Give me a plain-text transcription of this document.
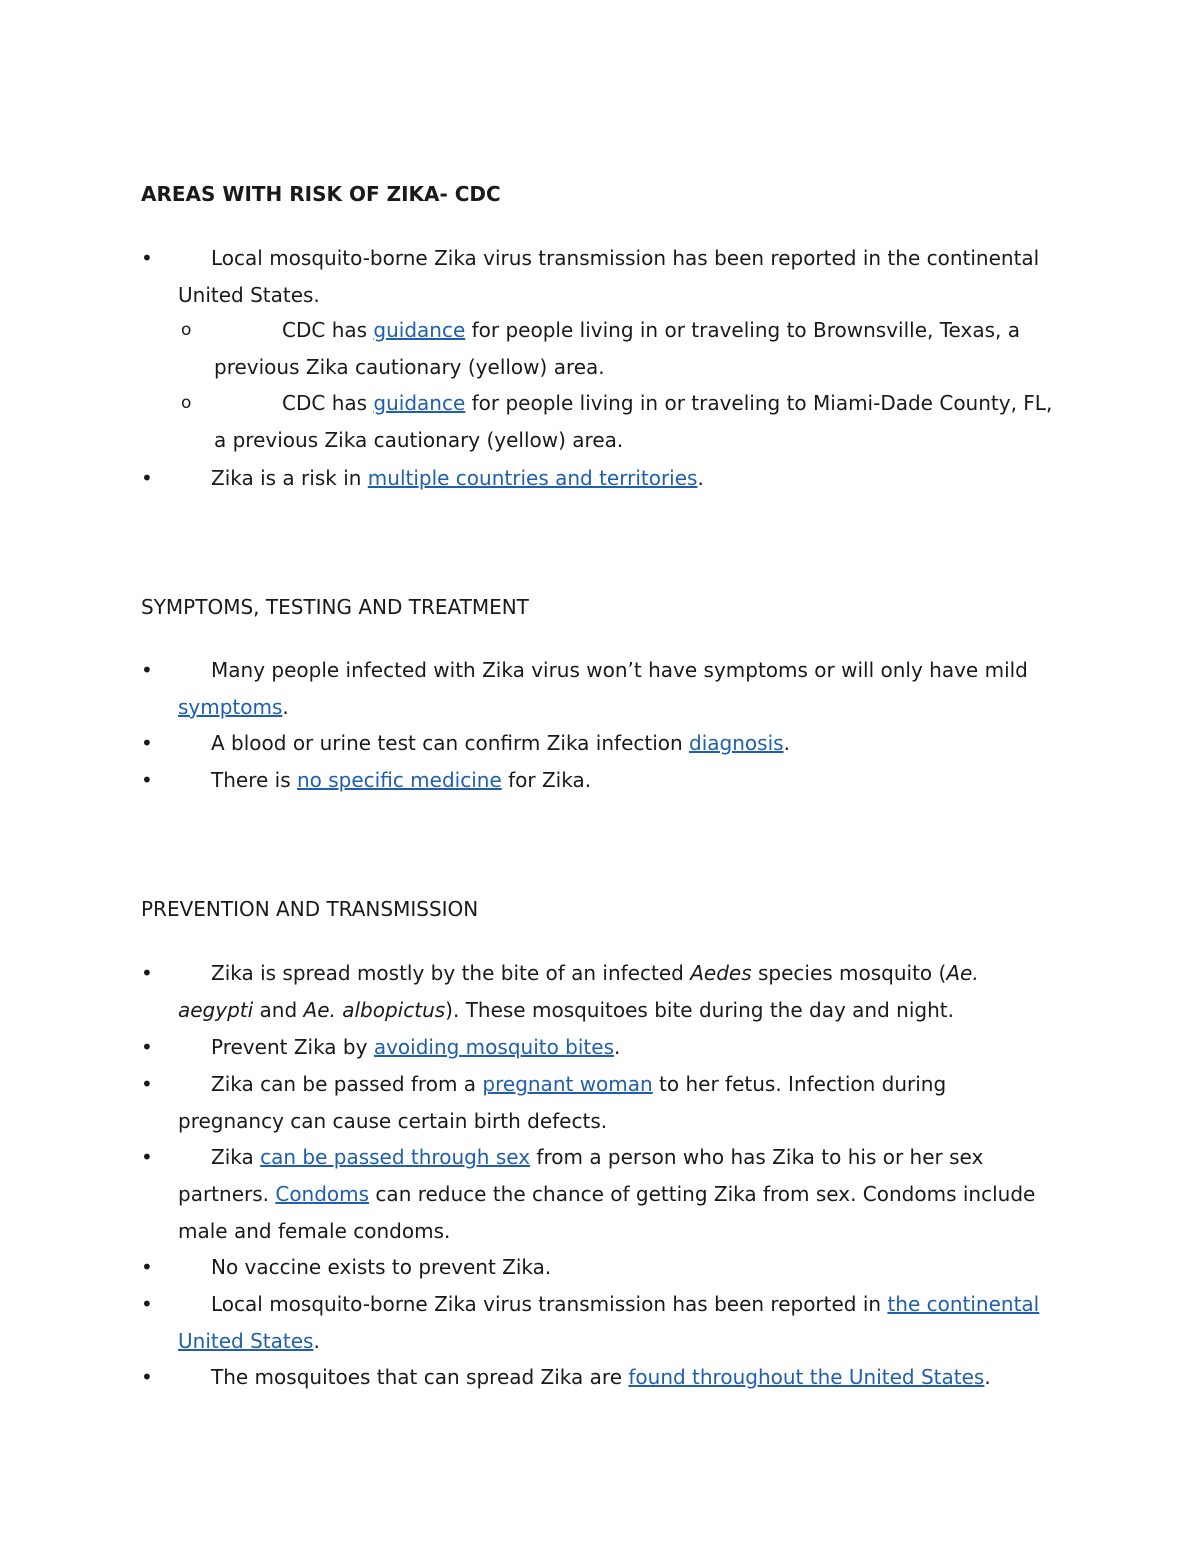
AREAS WITH RISK OF ZIKA- CDC
•	Local mosquito-borne Zika virus transmission has been reported in the continental United States.
o	CDC has guidance for people living in or traveling to Brownsville, Texas, a previous Zika cautionary (yellow) area.
o	CDC has guidance for people living in or traveling to Miami-Dade County, FL, a previous Zika cautionary (yellow) area.
•	Zika is a risk in multiple countries and territories.
SYMPTOMS, TESTING AND TREATMENT
•	Many people infected with Zika virus won’t have symptoms or will only have mild symptoms.
•	A blood or urine test can confirm Zika infection diagnosis.
•	There is no specific medicine for Zika.
PREVENTION AND TRANSMISSION
•	Zika is spread mostly by the bite of an infected Aedes species mosquito (Ae. aegypti and Ae. albopictus). These mosquitoes bite during the day and night.
•	Prevent Zika by avoiding mosquito bites.
•	Zika can be passed from a pregnant woman to her fetus. Infection during pregnancy can cause certain birth defects.
•	Zika can be passed through sex from a person who has Zika to his or her sex partners. Condoms can reduce the chance of getting Zika from sex. Condoms include male and female condoms.
•	No vaccine exists to prevent Zika.
•	Local mosquito-borne Zika virus transmission has been reported in the continental United States.
•	The mosquitoes that can spread Zika are found throughout the United States.
